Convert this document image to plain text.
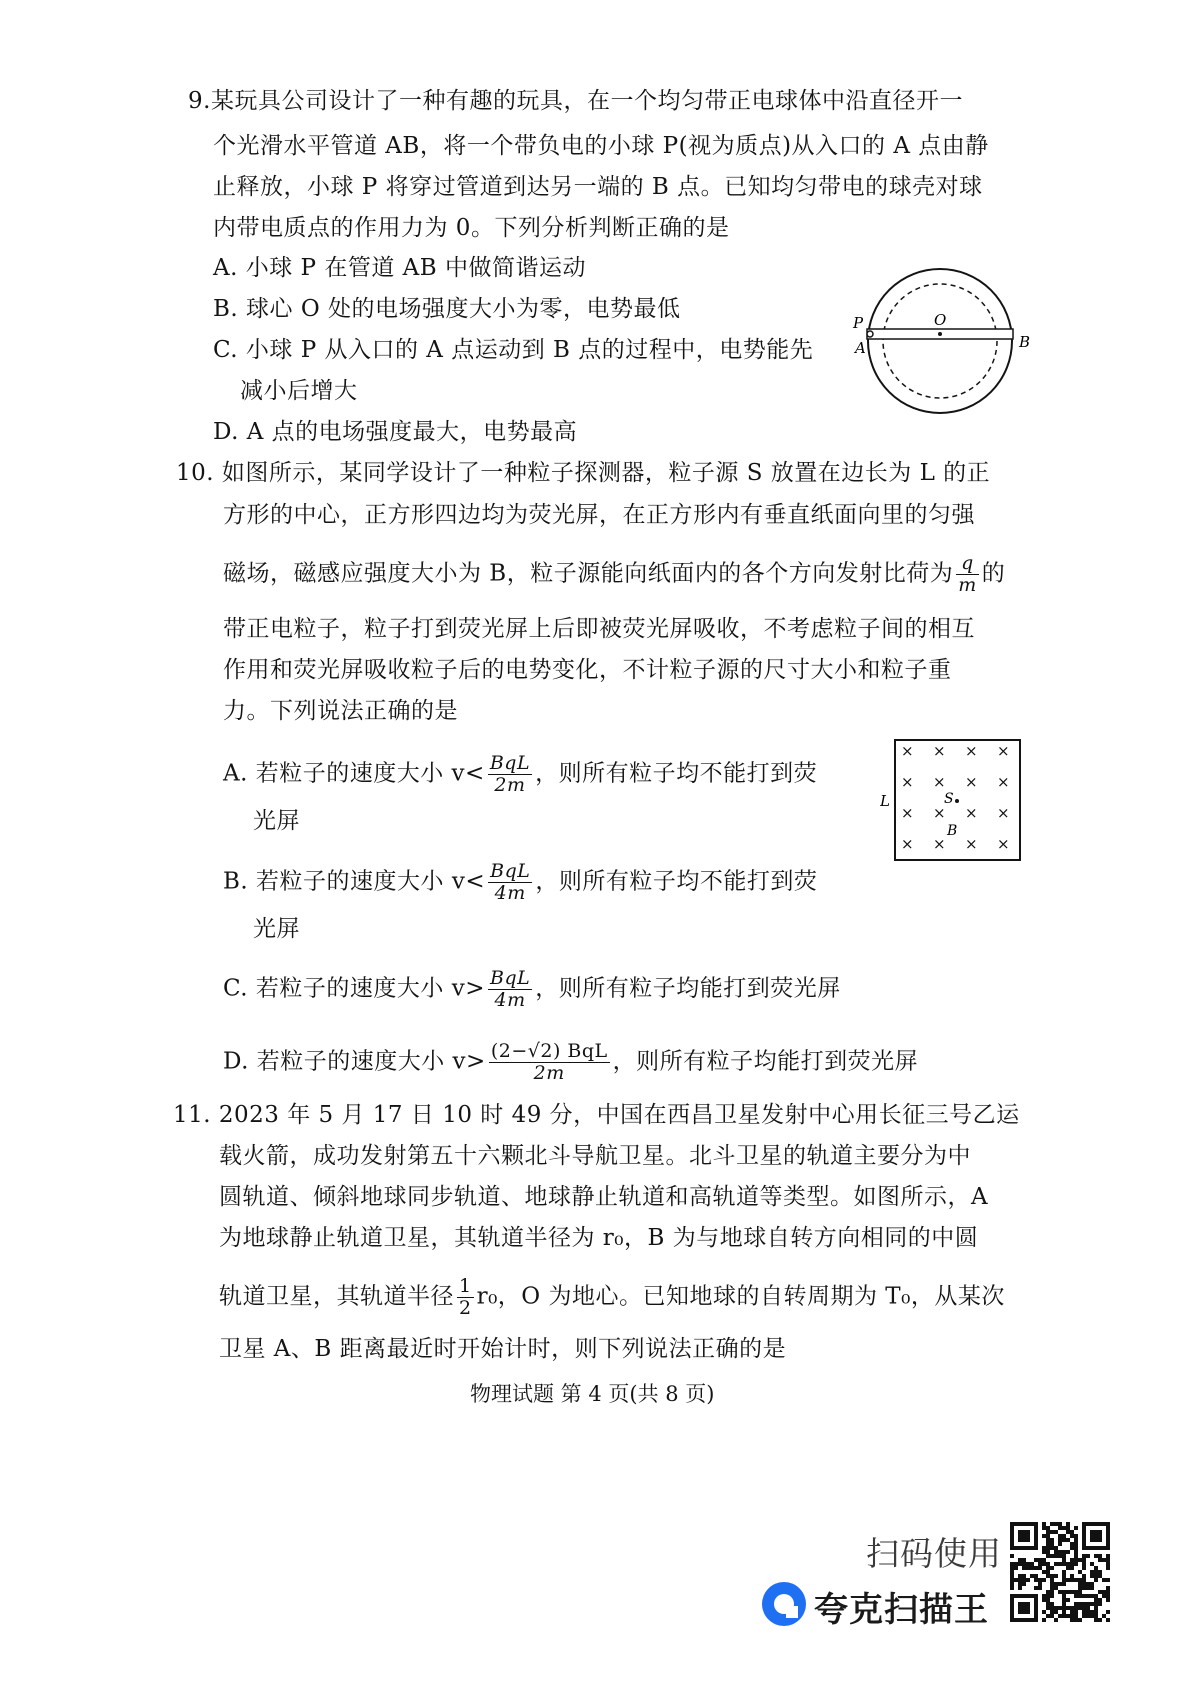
9.某玩具公司设计了一种有趣的玩具，在一个均匀带正电球体中沿直径开一
个光滑水平管道 AB，将一个带负电的小球 P(视为质点)从入口的 A 点由静
止释放，小球 P 将穿过管道到达另一端的 B 点。已知均匀带电的球壳对球
内带电质点的作用力为 0。下列分析判断正确的是
A. 小球 P 在管道 AB 中做简谐运动
B. 球心 O 处的电场强度大小为零，电势最低
C. 小球 P 从入口的 A 点运动到 B 点的过程中，电势能先
减小后增大
D. A 点的电场强度最大，电势最高
P
A	B
O
10. 如图所示，某同学设计了一种粒子探测器，粒子源 S 放置在边长为 L 的正
方形的中心，正方形四边均为荧光屏，在正方形内有垂直纸面向里的匀强
磁场，磁感应强度大小为 B，粒子源能向纸面内的各个方向发射比荷为 $\frac{q}{m}$ 的
带正电粒子，粒子打到荧光屏上后即被荧光屏吸收，不考虑粒子间的相互
作用和荧光屏吸收粒子后的电势变化，不计粒子源的尺寸大小和粒子重
力。下列说法正确的是
A. 若粒子的速度大小 $v< \frac{\text{BqL}}{2m}$ ，则所有粒子均不能打到荧
光屏
B. 若粒子的速度大小 $v< \frac{\text{BqL}}{4m}$ ，则所有粒子均不能打到荧
光屏
C. 若粒子的速度大小 $v> \frac{\text{BqL}}{4m}$ ，则所有粒子均能打到荧光屏
D. 若粒子的速度大小 $v> \frac{\text{(2−√2) BqL}}{2m}$ ，则所有粒子均能打到荧光屏
× × × ×
× × × ×
× × × ×
× × × ×
L	S
B
11. 2023 年 5 月 17 日 10 时 49 分，中国在西昌卫星发射中心用长征三号乙运
载火箭，成功发射第五十六颗北斗导航卫星。北斗卫星的轨道主要分为中
圆轨道、倾斜地球同步轨道、地球静止轨道和高轨道等类型。如图所示，A
为地球静止轨道卫星，其轨道半径为 r₀，B 为与地球自转方向相同的中圆
轨道卫星，其轨道半径 $\frac{1}{2} r_0$，O 为地心。已知地球的自转周期为 T₀，从某次
卫星 A、B 距离最近时开始计时，则下列说法正确的是
物理试题 第 4 页(共 8 页)
扫码使用
夸克扫描王
